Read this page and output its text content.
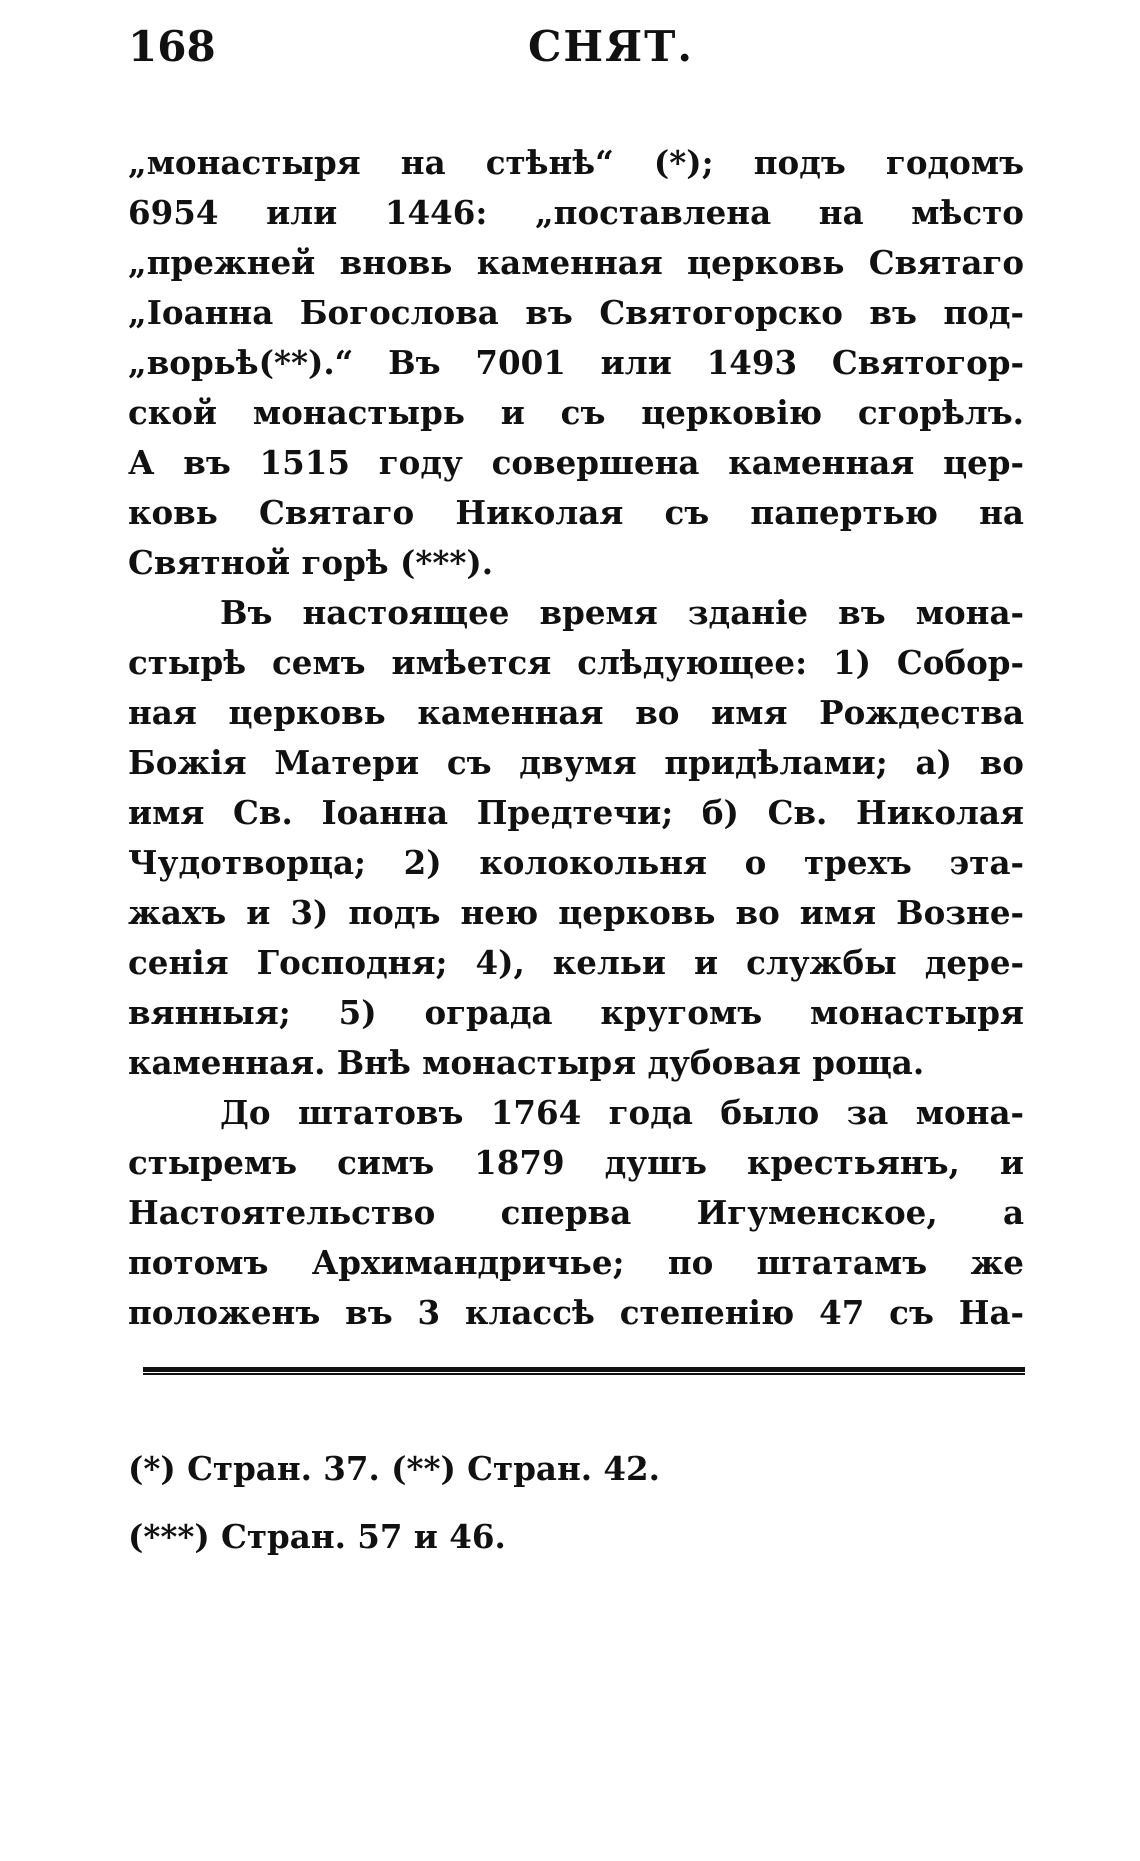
168	СНЯТ.
„монастыря на стѣнѣ“ (*); подъ годомъ
6954 или 1446: „поставлена на мѣсто
„прежней вновь каменная церковь Святаго
„Іоанна Богослова въ Святогорско въ под-
„ворьѣ(**).“ Въ 7001 или 1493 Святогор-
ской монастырь и съ церковію сгорѣлъ.
А въ 1515 году совершена каменная цер-
ковь Святаго Николая съ папертью на
Святной горѣ (***).
Въ настоящее время зданіе въ мона-
стырѣ семъ имѣется слѣдующее: 1) Собор-
ная церковь каменная во имя Рождества
Божія Матери съ двумя придѣлами; а) во
имя Св. Іоанна Предтечи; б) Св. Николая
Чудотворца; 2) колокольня о трехъ эта-
жахъ и 3) подъ нею церковь во имя Возне-
сенія Господня; 4), кельи и службы дере-
вянныя; 5) ограда кругомъ монастыря
каменная. Внѣ монастыря дубовая роща.
До штатовъ 1764 года было за мона-
стыремъ симъ 1879 душъ крестьянъ, и
Настоятельство сперва Игуменское, а
потомъ Архимандричье; по штатамъ же
положенъ въ 3 классѣ степенію 47 съ На-
(*) Стран. 37. (**) Стран. 42.
(***) Стран. 57 и 46.
